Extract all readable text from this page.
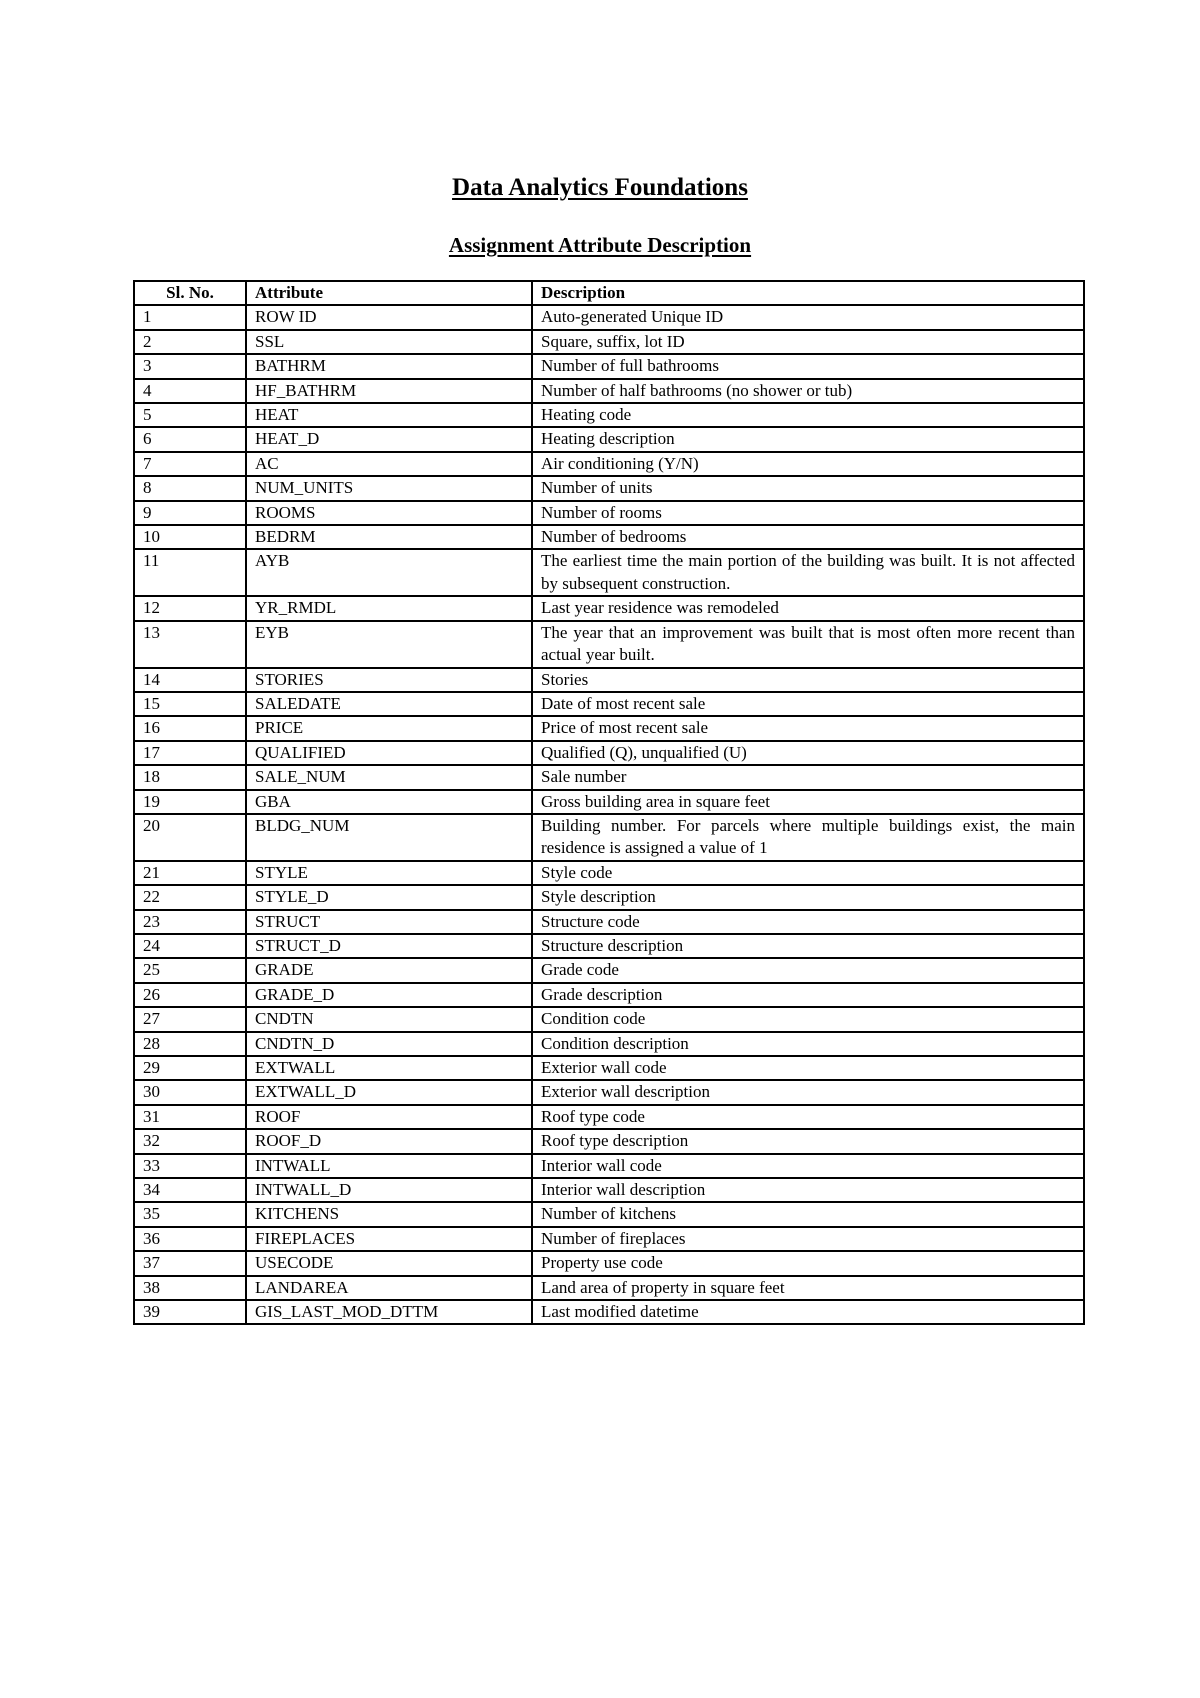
Data Analytics Foundations
Assignment Attribute Description
Sl. No.	Attribute	Description
1	ROW ID	Auto-generated Unique ID
2	SSL	Square, suffix, lot ID
3	BATHRM	Number of full bathrooms
4	HF_BATHRM	Number of half bathrooms (no shower or tub)
5	HEAT	Heating code
6	HEAT_D	Heating description
7	AC	Air conditioning (Y/N)
8	NUM_UNITS	Number of units
9	ROOMS	Number of rooms
10	BEDRM	Number of bedrooms
11	AYB	The earliest time the main portion of the building was built. It is not affected by subsequent construction.
12	YR_RMDL	Last year residence was remodeled
13	EYB	The year that an improvement was built that is most often more recent than actual year built.
14	STORIES	Stories
15	SALEDATE	Date of most recent sale
16	PRICE	Price of most recent sale
17	QUALIFIED	Qualified (Q), unqualified (U)
18	SALE_NUM	Sale number
19	GBA	Gross building area in square feet
20	BLDG_NUM	Building number. For parcels where multiple buildings exist, the main residence is assigned a value of 1
21	STYLE	Style code
22	STYLE_D	Style description
23	STRUCT	Structure code
24	STRUCT_D	Structure description
25	GRADE	Grade code
26	GRADE_D	Grade description
27	CNDTN	Condition code
28	CNDTN_D	Condition description
29	EXTWALL	Exterior wall code
30	EXTWALL_D	Exterior wall description
31	ROOF	Roof type code
32	ROOF_D	Roof type description
33	INTWALL	Interior wall code
34	INTWALL_D	Interior wall description
35	KITCHENS	Number of kitchens
36	FIREPLACES	Number of fireplaces
37	USECODE	Property use code
38	LANDAREA	Land area of property in square feet
39	GIS_LAST_MOD_DTTM	Last modified datetime
